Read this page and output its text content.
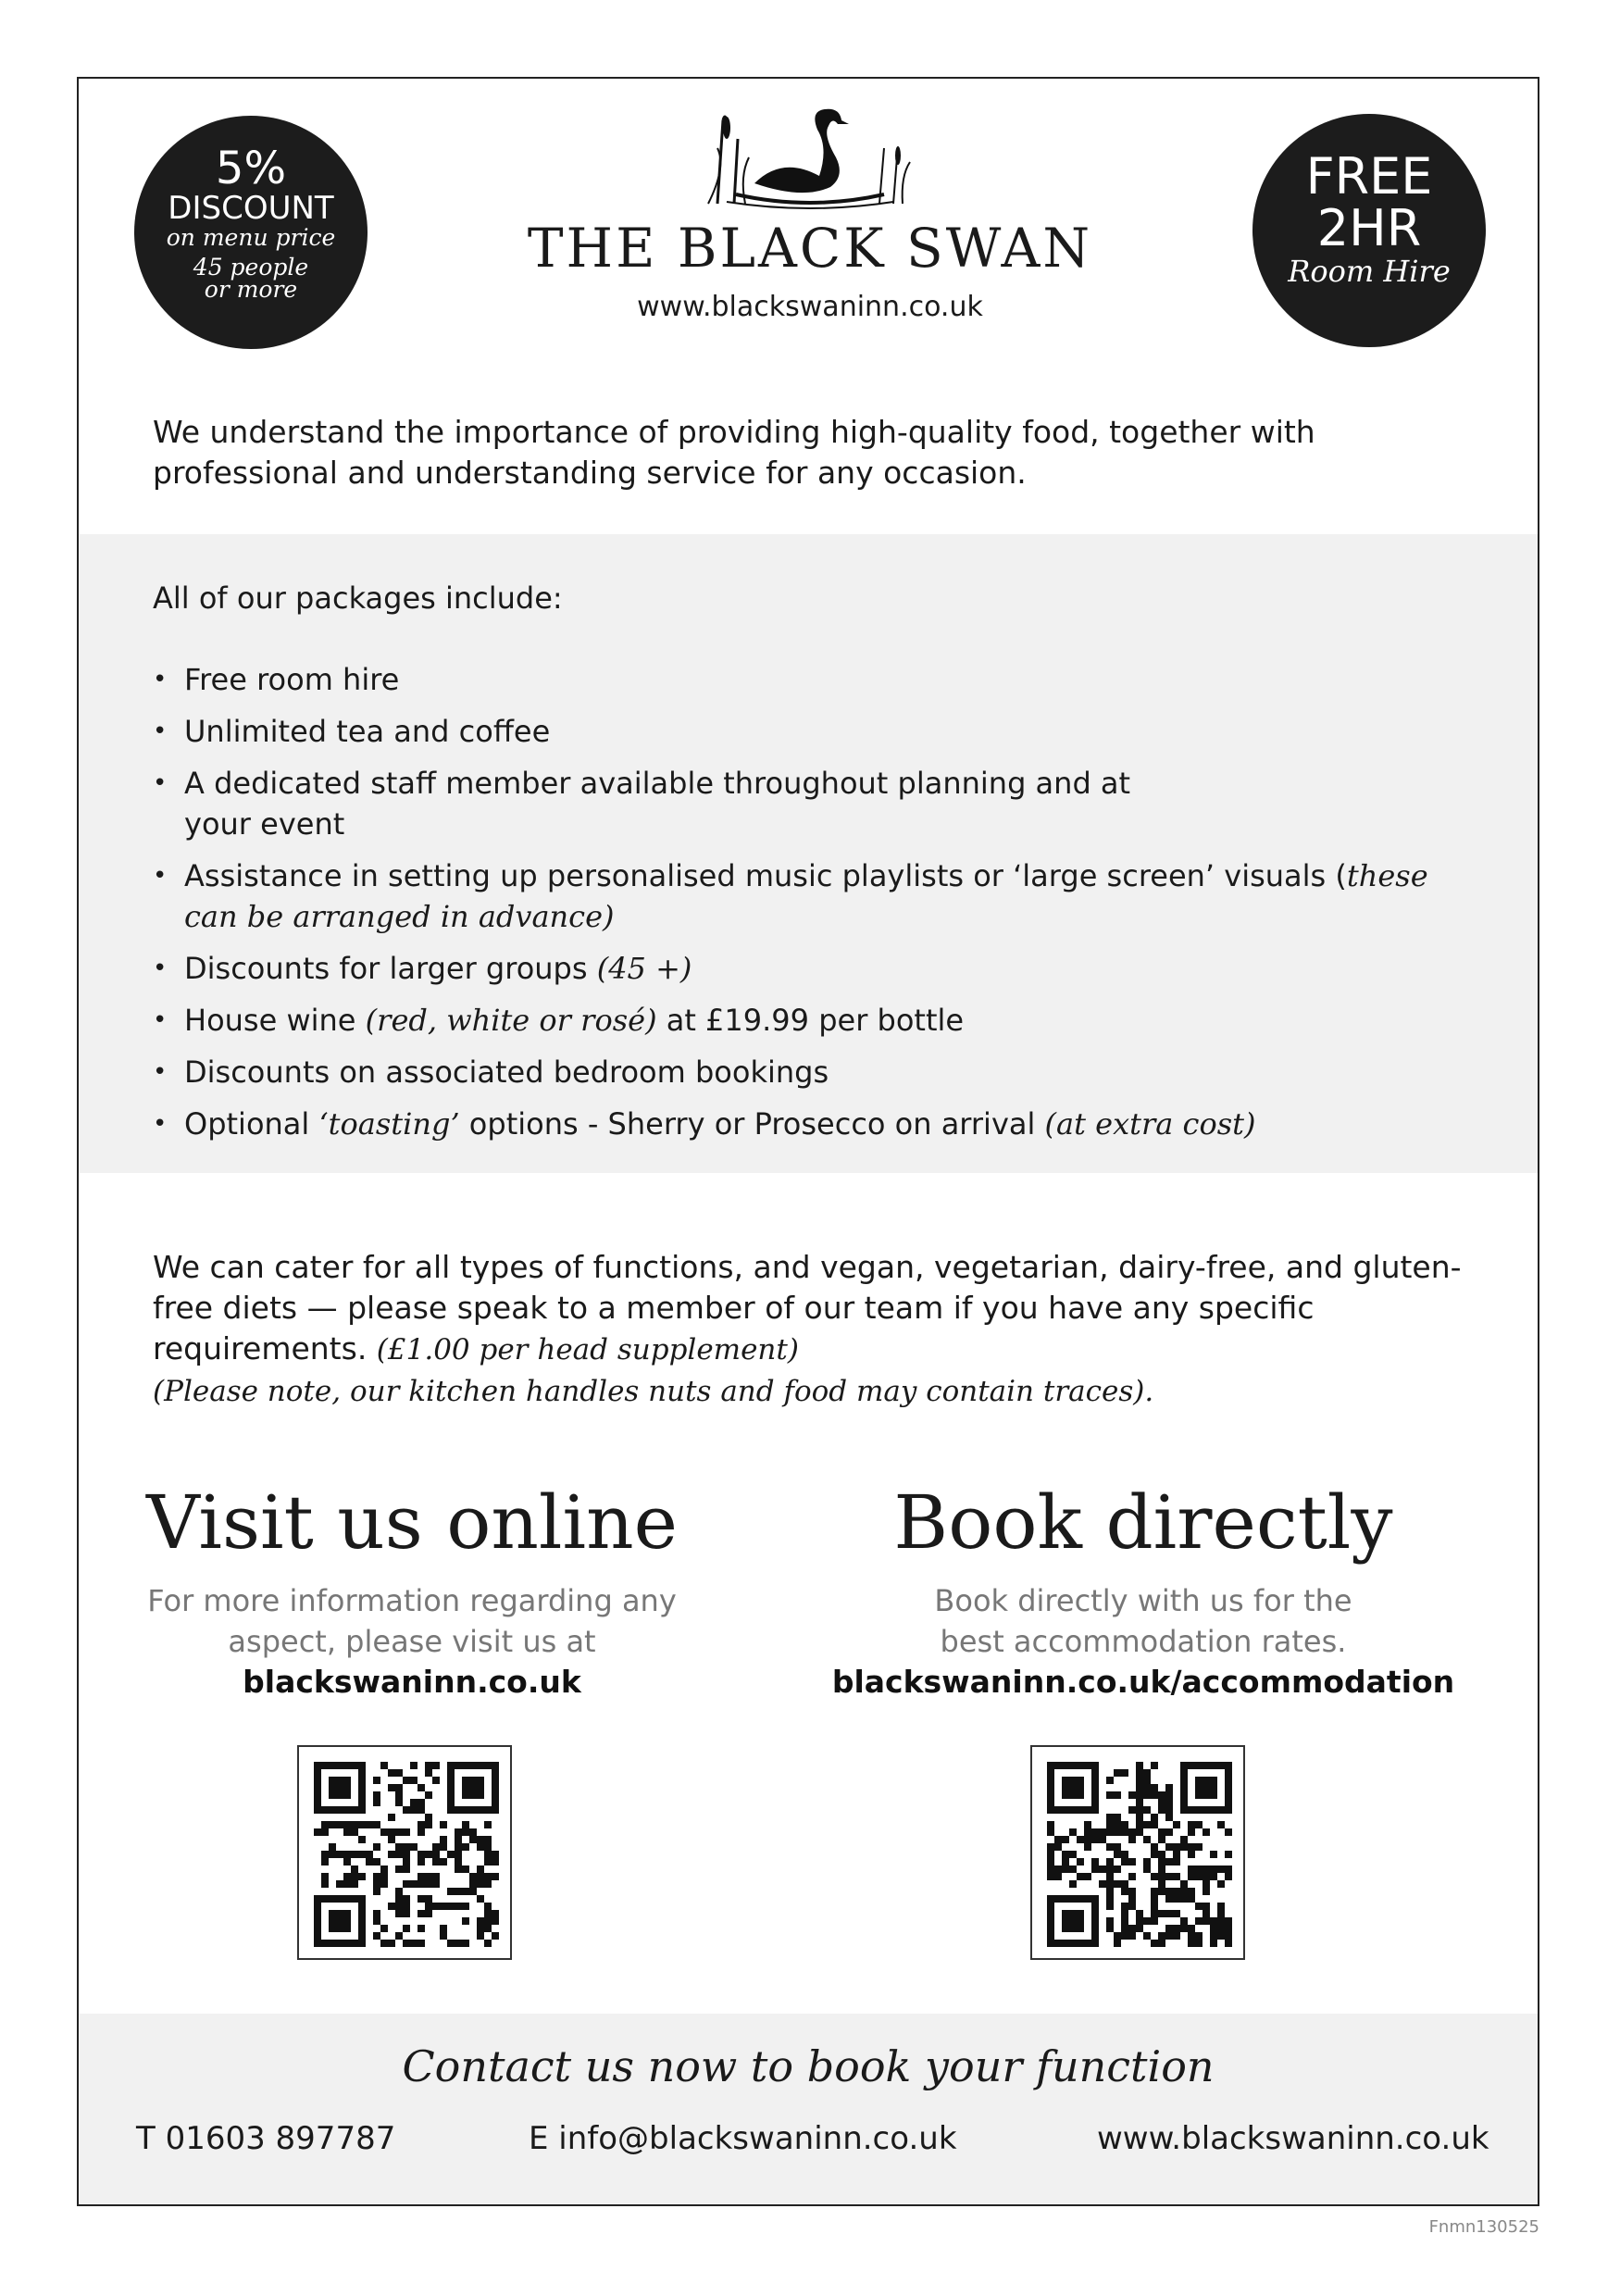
5%
DISCOUNT
on menu price
45 people
or more
THE BLACK SWAN
www.blackswaninn.co.uk
FREE
2HR
Room Hire
We understand the importance of providing high-quality food, together with professional and understanding service for any occasion.
All of our packages include:
• Free room hire
• Unlimited tea and coffee
• A dedicated staff member available throughout planning and at your event
• Assistance in setting up personalised music playlists or ‘large screen’ visuals (these can be arranged in advance)
• Discounts for larger groups (45 +)
• House wine (red, white or rosé) at £19.99 per bottle
• Discounts on associated bedroom bookings
• Optional ‘toasting’ options - Sherry or Prosecco on arrival (at extra cost)
We can cater for all types of functions, and vegan, vegetarian, dairy-free, and gluten-free diets — please speak to a member of our team if you have any specific requirements. (£1.00 per head supplement)
(Please note, our kitchen handles nuts and food may contain traces).
Visit us online
For more information regarding any aspect, please visit us at
blackswaninn.co.uk
Book directly
Book directly with us for the best accommodation rates.
blackswaninn.co.uk/accommodation
Contact us now to book your function
T 01603 897787	E info@blackswaninn.co.uk	www.blackswaninn.co.uk
Fnmn130525
